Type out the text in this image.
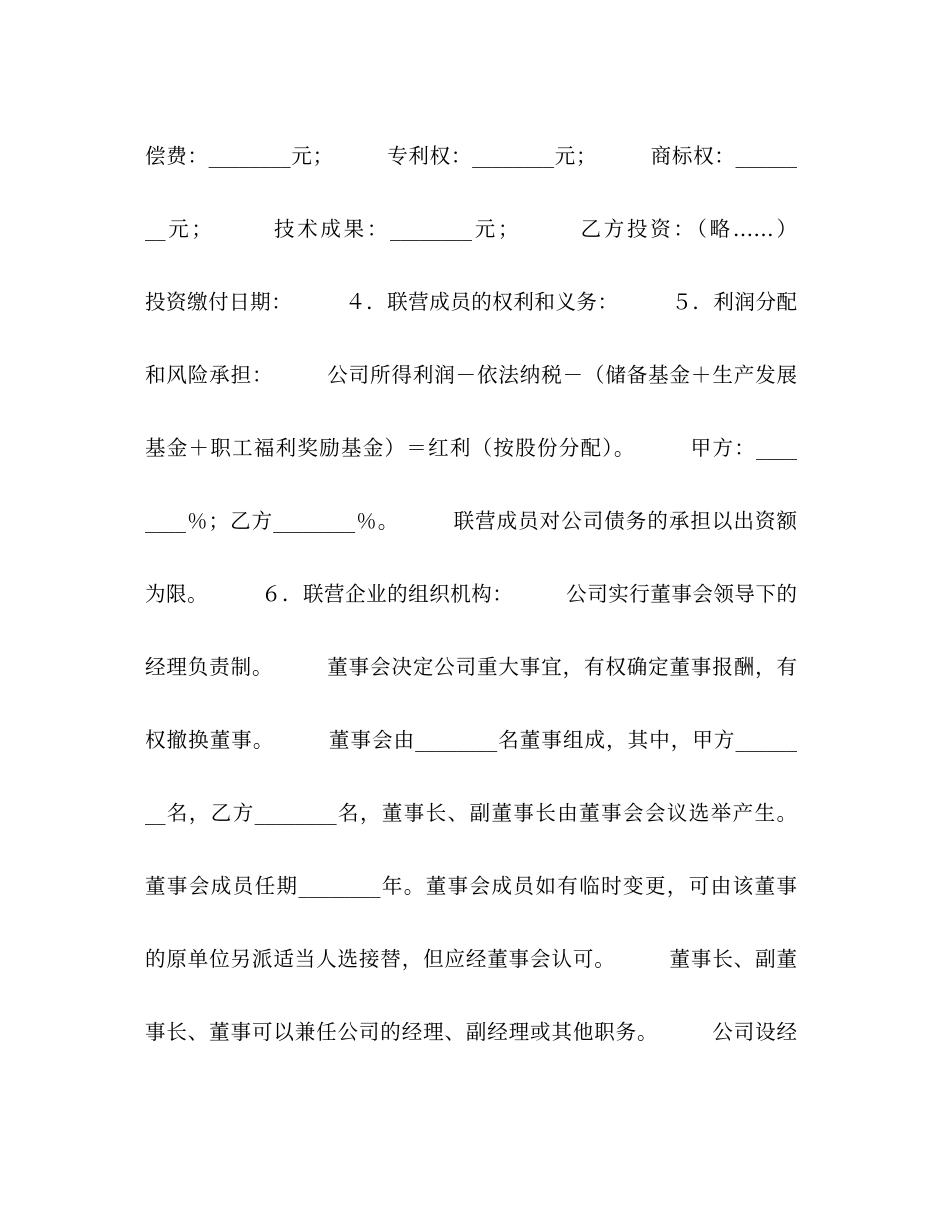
偿费：________元；　　　专利权：________元；　　　商标权：______
__元；　　　技术成果：________元；　　　乙方投资：（略……）
投资缴付日期：　　　４．联营成员的权利和义务：　　　５．利润分配
和风险承担：　　　公司所得利润－依法纳税－（储备基金＋生产发展
基金＋职工福利奖励基金）＝红利（按股份分配）。　　　甲方：____
____％；乙方________％。　　　联营成员对公司债务的承担以出资额
为限。　　　６．联营企业的组织机构：　　　公司实行董事会领导下的
经理负责制。　　　董事会决定公司重大事宜，有权确定董事报酬，有
权撤换董事。　　　董事会由________名董事组成，其中，甲方______
__名，乙方________名，董事长、副董事长由董事会会议选举产生。
董事会成员任期________年。董事会成员如有临时变更，可由该董事
的原单位另派适当人选接替，但应经董事会认可。　　　董事长、副董
事长、董事可以兼任公司的经理、副经理或其他职务。　　　公司设经
